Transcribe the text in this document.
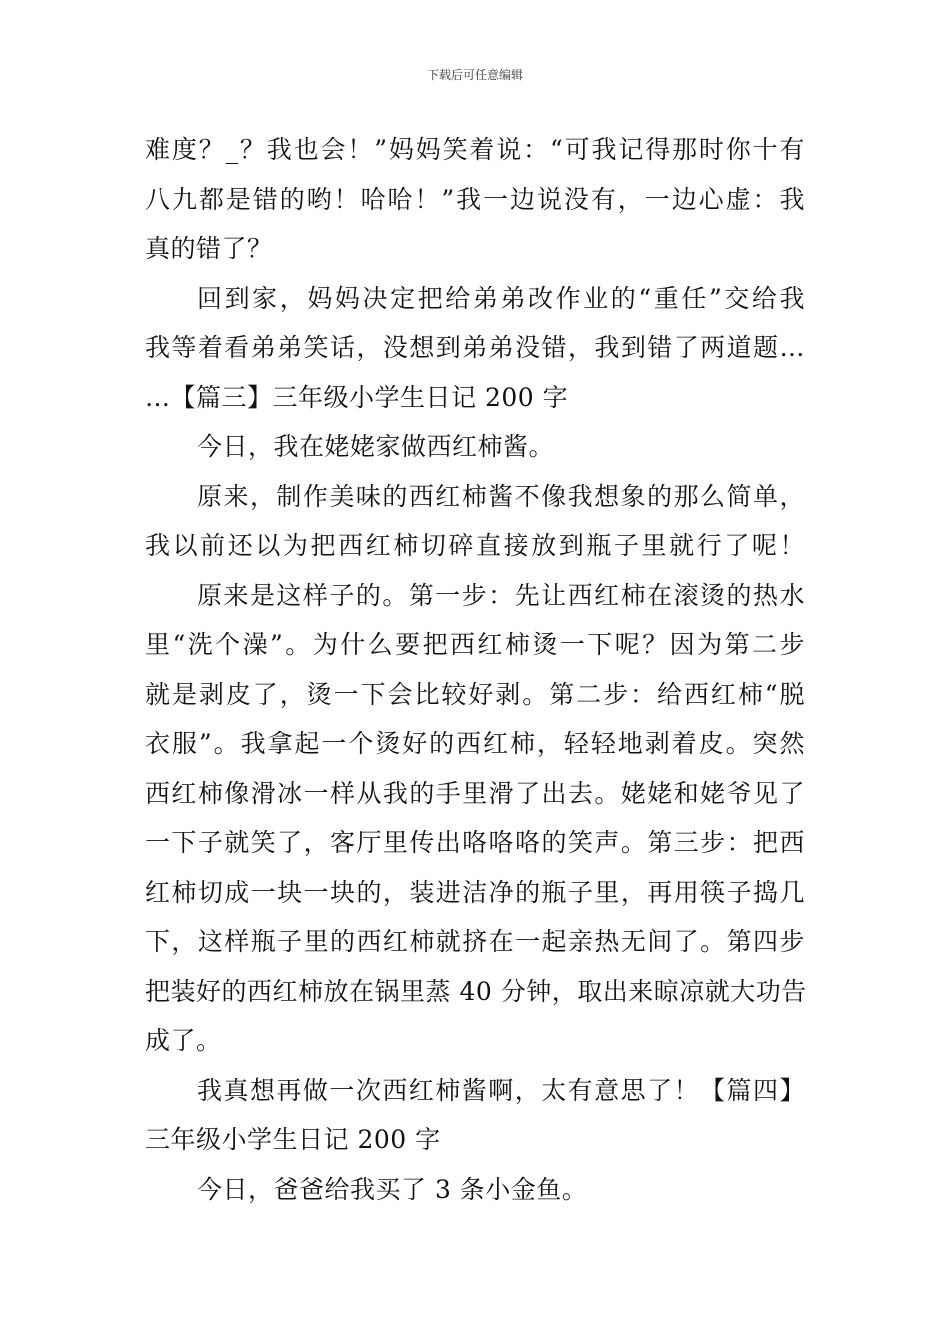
下载后可任意编辑
难度？_？我也会！”妈妈笑着说：“可我记得那时你十有
八九都是错的哟！哈哈！”我一边说没有，一边心虚：我
真的错了？
回到家，妈妈决定把给弟弟改作业的“重任”交给我
我等着看弟弟笑话，没想到弟弟没错，我到错了两道题…
…【篇三】三年级小学生日记 200 字
今日，我在姥姥家做西红柿酱。
原来，制作美味的西红柿酱不像我想象的那么简单，
我以前还以为把西红柿切碎直接放到瓶子里就行了呢！
原来是这样子的。第一步：先让西红柿在滚烫的热水
里“洗个澡”。为什么要把西红柿烫一下呢？因为第二步
就是剥皮了，烫一下会比较好剥。第二步：给西红柿“脱
衣服”。我拿起一个烫好的西红柿，轻轻地剥着皮。突然
西红柿像滑冰一样从我的手里滑了出去。姥姥和姥爷见了
一下子就笑了，客厅里传出咯咯咯的笑声。第三步：把西
红柿切成一块一块的，装进洁净的瓶子里，再用筷子捣几
下，这样瓶子里的西红柿就挤在一起亲热无间了。第四步
把装好的西红柿放在锅里蒸 40 分钟，取出来晾凉就大功告
成了。
我真想再做一次西红柿酱啊，太有意思了！【篇四】
三年级小学生日记 200 字
今日，爸爸给我买了 3 条小金鱼。
